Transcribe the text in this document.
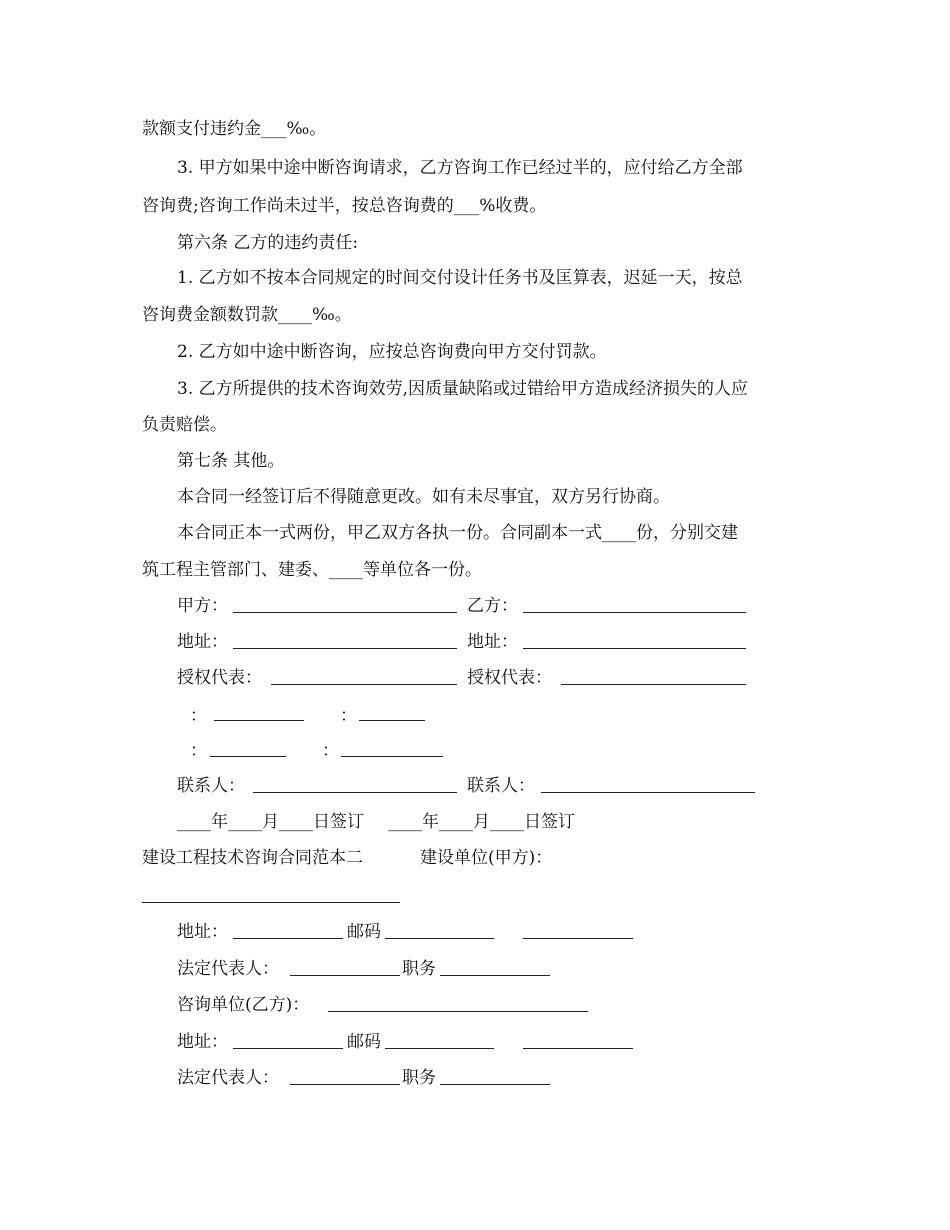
款额支付违约金___‰。
3. 甲方如果中途中断咨询请求，乙方咨询工作已经过半的，应付给乙方全部
咨询费;咨询工作尚未过半，按总咨询费的___%收费。
第六条 乙方的违约责任:
1. 乙方如不按本合同规定的时间交付设计任务书及匡算表，迟延一天，按总
咨询费金额数罚款____‰。
2. 乙方如中途中断咨询，应按总咨询费向甲方交付罚款。
3. 乙方所提供的技术咨询效劳,因质量缺陷或过错给甲方造成经济损失的人应
负责赔偿。
第七条 其他。
本合同一经签订后不得随意更改。如有未尽事宜，双方另行协商。
本合同正本一式两份，甲乙双方各执一份。合同副本一式____份，分别交建
筑工程主管部门、建委、____等单位各一份。
甲方：	乙方：
地址：	地址：
授权代表：	授权代表：
：	：
：	：
联系人：	联系人：
____年____月____日签订 ____年____月____日签订
建设工程技术咨询合同范本二	建设单位(甲方)：
地址：	邮码
法定代表人：	职务
咨询单位(乙方)：
地址：	邮码
法定代表人：	职务
